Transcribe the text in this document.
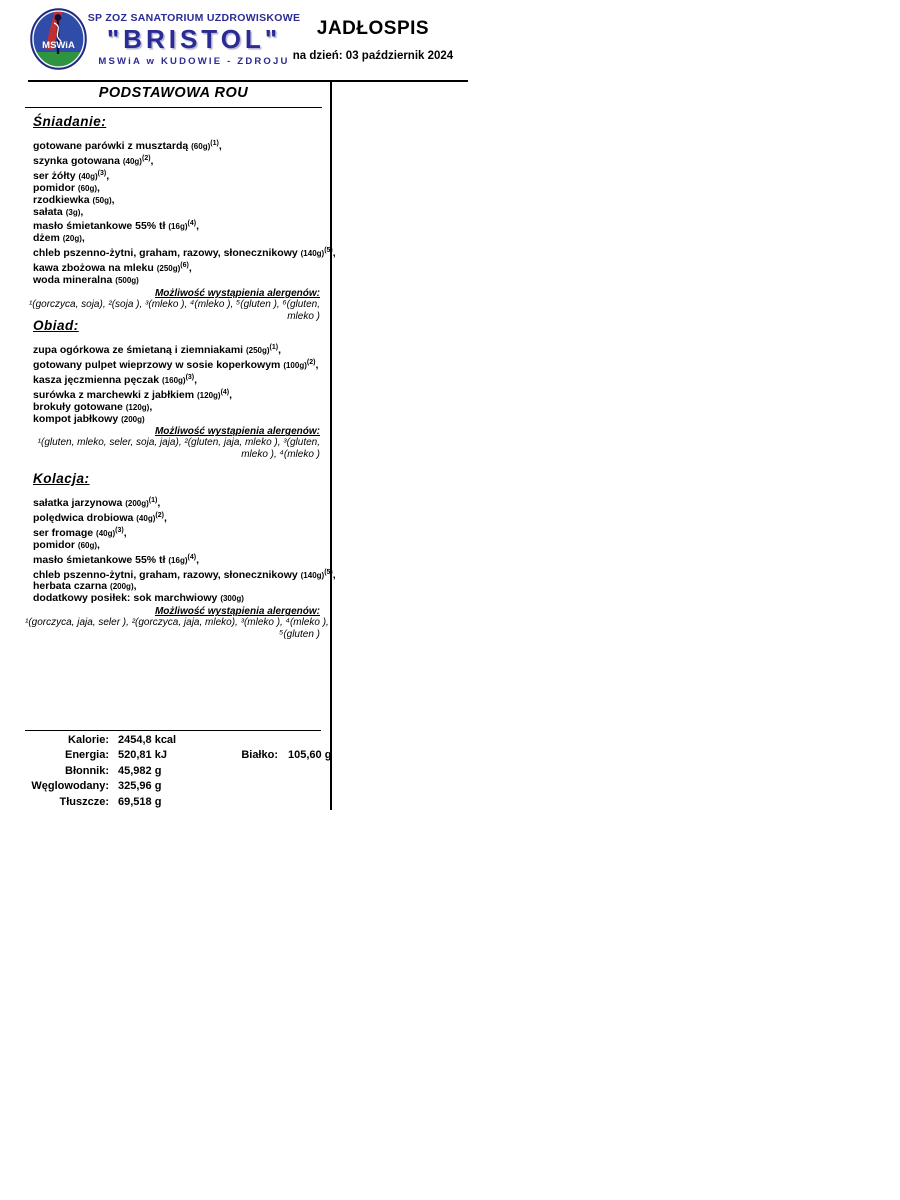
MSWiA
SP ZOZ SANATORIUM UZDROWISKOWE
"BRISTOL"
MSWiA w KUDOWIE - ZDROJU
JADŁOSPIS
na dzień: 03 październik 2024
PODSTAWOWA ROU
Śniadanie:
gotowane parówki z musztardą $(60g)^{(1)}$,
szynka gotowana $(40g)^{(2)}$,
ser żółty $(40g)^{(3)}$,
pomidor (60g),
rzodkiewka (50g),
sałata (3g),
masło śmietankowe 55% tł $(16g)^{(4)}$,
dżem (20g),
chleb pszenno-żytni, graham, razowy, słonecznikowy $(140g)^{(5)}$,
kawa zbożowa na mleku $(250g)^{(6)}$,
woda mineralna (500g)
Możliwość wystąpienia alergenów:
¹(gorczyca, soja), ²(soja ), ³(mleko ), ⁴(mleko ), ⁵(gluten ), ⁶(gluten,
mleko )
Obiad:
zupa ogórkowa ze śmietaną i ziemniakami $(250g)^{(1)}$,
gotowany pulpet wieprzowy w sosie koperkowym $(100g)^{(2)}$,
kasza jęczmienna pęczak $(160g)^{(3)}$,
surówka z marchewki z jabłkiem $(120g)^{(4)}$,
brokuły gotowane (120g),
kompot jabłkowy (200g)
Możliwość wystąpienia alergenów:
¹(gluten, mleko, seler, soja, jaja), ²(gluten, jaja, mleko ), ³(gluten,
mleko ), ⁴(mleko )
Kolacja:
sałatka jarzynowa $(200g)^{(1)}$,
polędwica drobiowa $(40g)^{(2)}$,
ser fromage $(40g)^{(3)}$,
pomidor (60g),
masło śmietankowe 55% tł $(16g)^{(4)}$,
chleb pszenno-żytni, graham, razowy, słonecznikowy $(140g)^{(5)}$,
herbata czarna (200g),
dodatkowy posiłek: sok marchwiowy (300g)
Możliwość wystąpienia alergenów:
¹(gorczyca, jaja, seler ), ²(gorczyca, jaja, mleko), ³(mleko ), ⁴(mleko ),
⁵(gluten )
Kalorie: 2454,8 kcal
Energia: 520,81 kJ	Białko: 105,60 g
Błonnik: 45,982 g
Węglowodany: 325,96 g
Tłuszcze: 69,518 g
